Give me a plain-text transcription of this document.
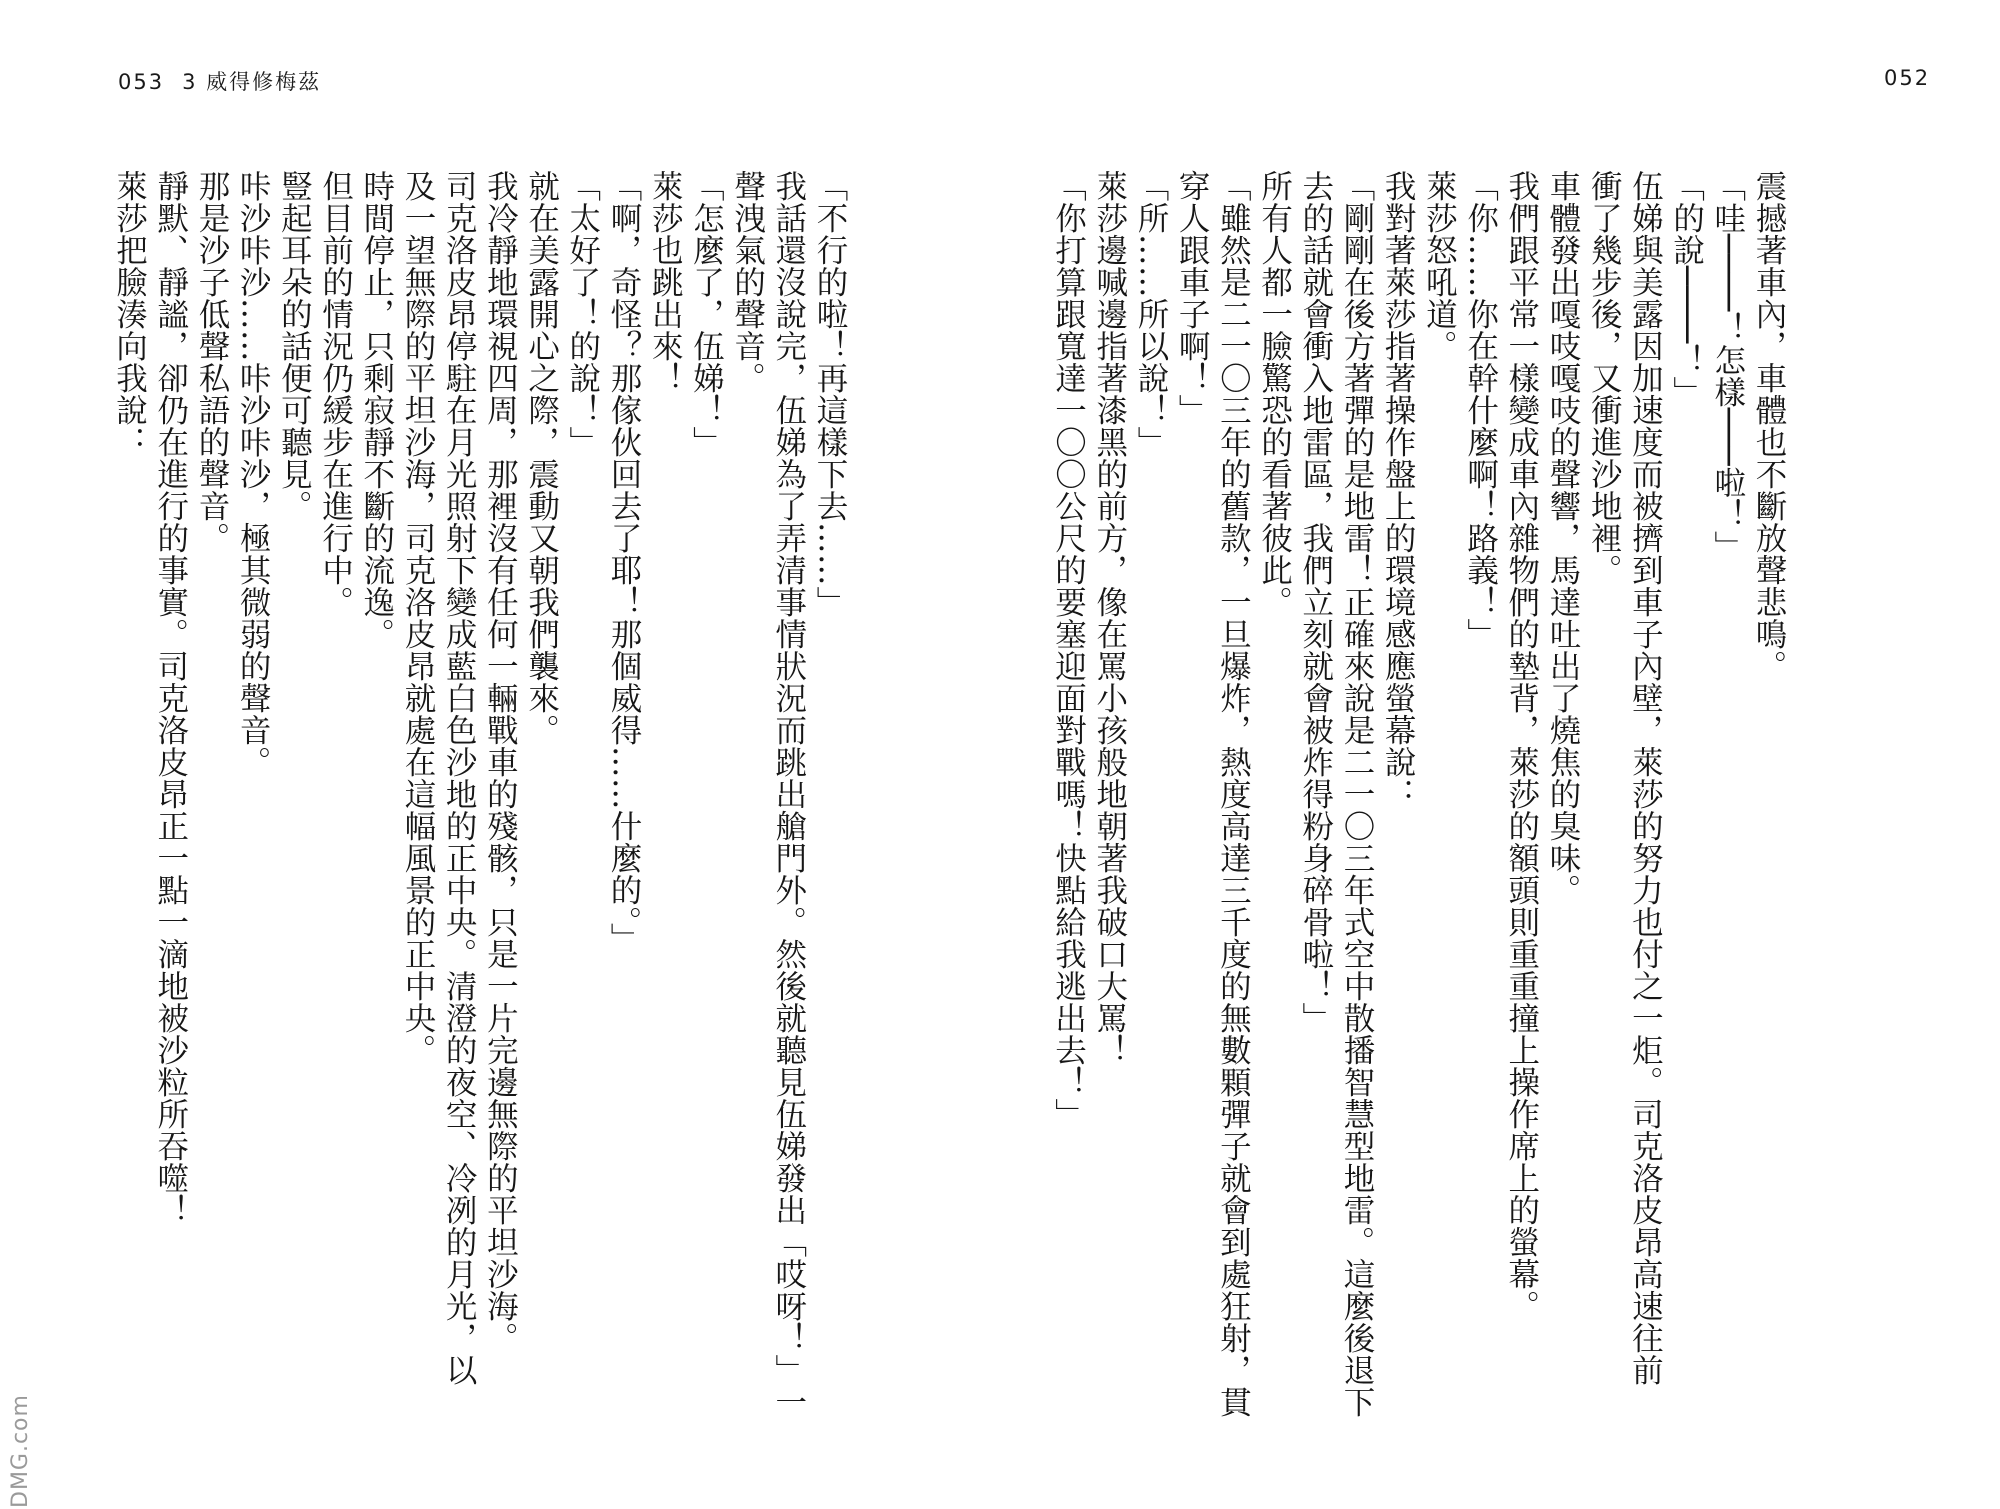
053 3 威得修梅茲	052
震撼著車內，車體也不斷放聲悲鳴。
「哇────！怎樣───啦！」
「的說────！」
伍娣與美露因加速度而被擠到車子內壁，萊莎的努力也付之一炬。司克洛皮昂高速往前
衝了幾步後，又衝進沙地裡。
車體發出嘎吱嘎吱的聲響，馬達吐出了燒焦的臭味。
我們跟平常一樣變成車內雜物們的墊背，萊莎的額頭則重重撞上操作席上的螢幕。
「你……你在幹什麼啊！路義！」
萊莎怒吼道。
我對著萊莎指著操作盤上的環境感應螢幕說：
「剛剛在後方著彈的是地雷！正確來說是二一〇三年式空中散播智慧型地雷。這麼後退下
去的話就會衝入地雷區，我們立刻就會被炸得粉身碎骨啦！」
所有人都一臉驚恐的看著彼此。
「雖然是二一〇三年的舊款，一旦爆炸，熱度高達三千度的無數顆彈子就會到處狂射，貫
穿人跟車子啊！」
「所……所以說！」
萊莎邊喊邊指著漆黑的前方，像在罵小孩般地朝著我破口大罵！
「你打算跟寬達一〇〇公尺的要塞迎面對戰嗎！快點給我逃出去！」
「不行的啦！再這樣下去……」
我話還沒說完，伍娣為了弄清事情狀況而跳出艙門外。然後就聽見伍娣發出「哎呀！」一
聲洩氣的聲音。
「怎麼了，伍娣！」
萊莎也跳出來！
「啊，奇怪？那傢伙回去了耶！那個威得……什麼的。」
「太好了！的說！」
就在美露開心之際，震動又朝我們襲來。
我冷靜地環視四周，那裡沒有任何一輛戰車的殘骸，只是一片完邊無際的平坦沙海。
司克洛皮昂停駐在月光照射下變成藍白色沙地的正中央。清澄的夜空、冷冽的月光，以
及一望無際的平坦沙海，司克洛皮昂就處在這幅風景的正中央。
時間停止，只剩寂靜不斷的流逸。
但目前的情況仍緩步在進行中。
豎起耳朵的話便可聽見。
咔沙咔沙……咔沙咔沙，極其微弱的聲音。
那是沙子低聲私語的聲音。
靜默、靜謐，卻仍在進行的事實。司克洛皮昂正一點一滴地被沙粒所吞噬！
萊莎把臉湊向我說：
DMG.com
